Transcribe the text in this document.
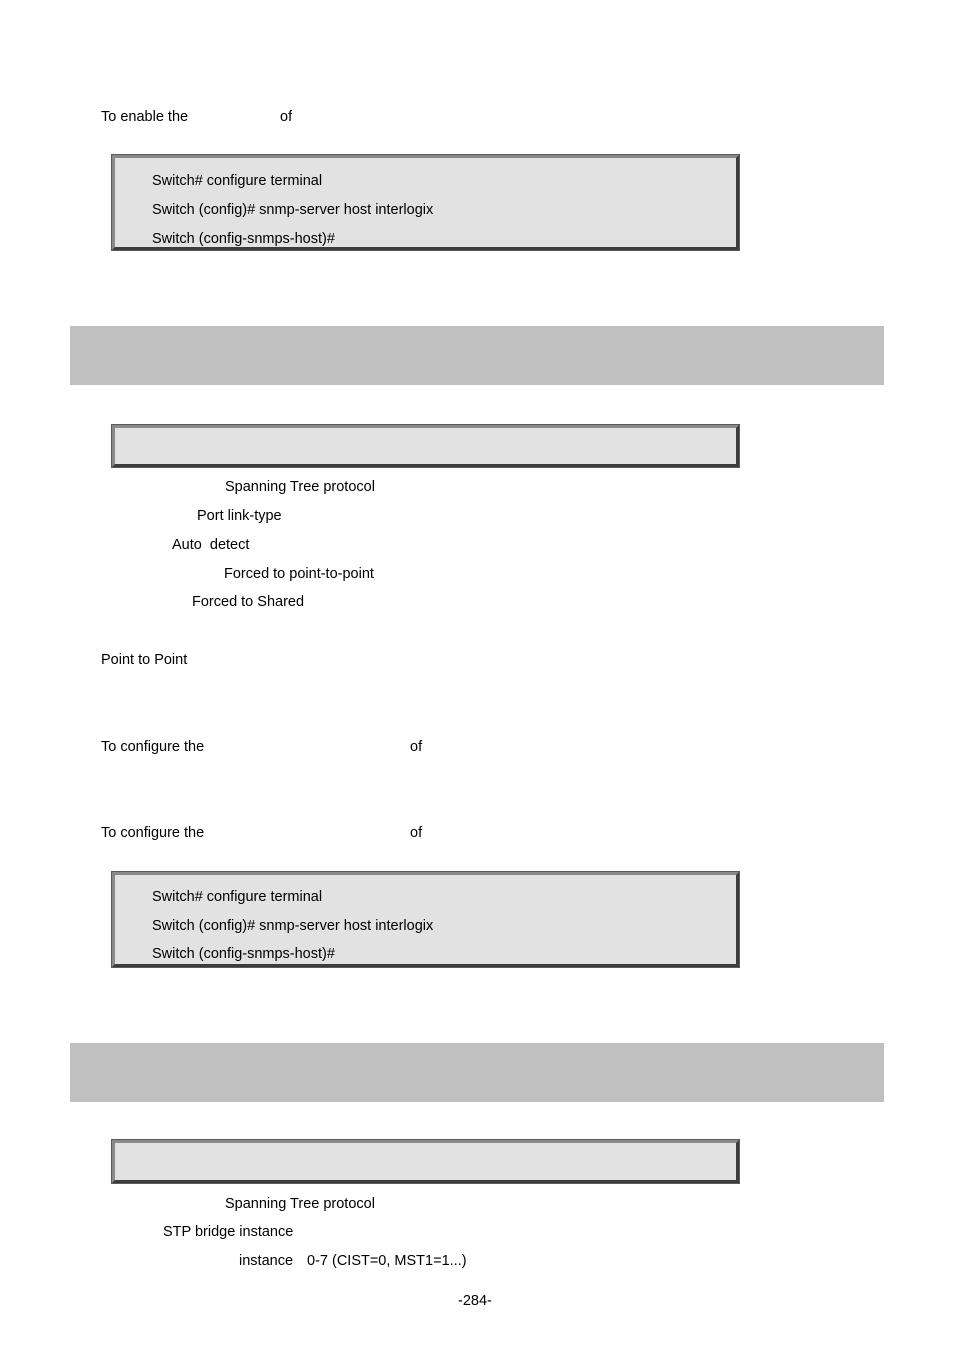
To enable the	of
Switch# configure terminal
Switch (config)# snmp-server host interlogix
Switch (config-snmps-host)#
Spanning Tree protocol
Port link-type
Auto  detect
Forced to point-to-point
Forced to Shared
Point to Point
To configure the	of
To configure the	of
Switch# configure terminal
Switch (config)# snmp-server host interlogix
Switch (config-snmps-host)#
Spanning Tree protocol
STP bridge instance
instance 0-7 (CIST=0, MST1=1...)
-284-
